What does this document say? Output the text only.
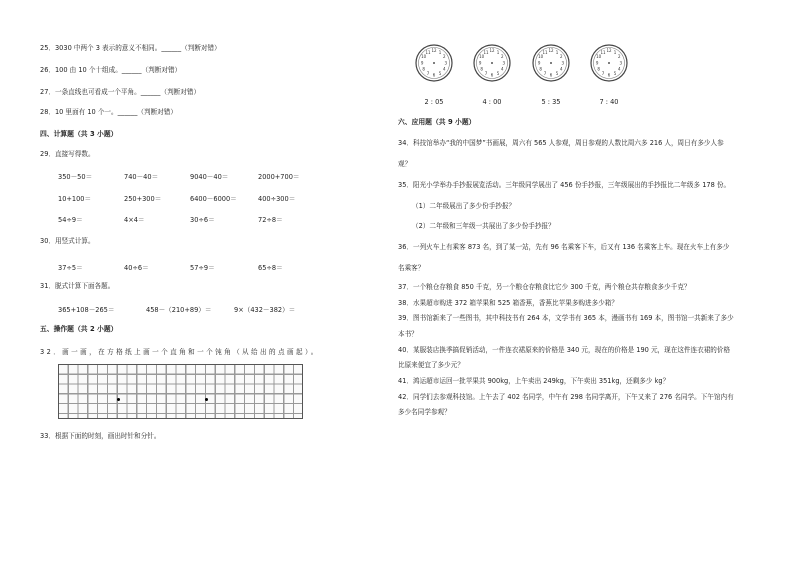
25．3030 中两个 3 表示的意义不相同。______（判断对错）
26．100 由 10 个十组成。______（判断对错）
27．一条直线也可看成一个平角。______（判断对错）
28．10 里面有 10 个一。______（判断对错）
四、计算题（共 3 小题）
29．直接写得数。
350－50＝	740－40＝	9040－40＝	2000+700＝
10+100＝	250+300＝	6400－6000＝	400÷300＝
54÷9＝	4×4＝	30÷6＝	72÷8＝
30．用竖式计算。
37÷5＝	40÷6＝	57÷9＝	65÷8＝
31．脱式计算下面各题。
365+108－265＝	458－（210+89）＝	9×（432－382）＝
五、操作题（共 2 小题）
32．画一画，在方格纸上画一个直角和一个钝角（从给出的点画起）。
33．根据下面的时刻，画出时针和分针。
12 1
2
3
4
5
6
7
8
9
10
11	12 1
2
3
4
5
6
7
8
9
10
11	12 1
2
3
4
5
6
7
8
9
10
11	12 1
2
3
4
5
6
7
8
9
10
11
2 : 05	4 : 00	5 : 35	7 : 40
六、应用题（共 9 小题）
34．科技馆举办“我的中国梦”书画展，周六有 565 人参观，周日参观的人数比周六多 216 人，周日有多少人参
观？
35．阳光小学举办手抄报展览活动。三年级同学展出了 456 份手抄报，三年级展出的手抄报比二年级多 178 份。
（1）二年级展出了多少份手抄报？
（2）二年级和三年级一共展出了多少份手抄报？
36．一列火车上有乘客 873 名，到了某一站，先有 96 名乘客下车，后又有 136 名乘客上车。现在火车上有多少
名乘客？
37．一个粮仓存粮食 850 千克，另一个粮仓存粮食比它少 300 千克，两个粮仓共存粮食多少千克？
38．水果超市购进 372 箱苹果和 525 箱香蕉，香蕉比苹果多购进多少箱？
39．图书馆新来了一些图书，其中科技书有 264 本，文学书有 365 本，漫画书有 169 本，图书馆一共新来了多少
本书？
40．某服装店换季搞促销活动，一件连衣裙原来的价格是 340 元，现在的价格是 190 元，现在这件连衣裙的价格
比原来便宜了多少元？
41．鸿运超市运回一批苹果共 900kg，上午卖出 249kg，下午卖出 351kg，还剩多少 kg？
42．同学们去参观科技馆。上午去了 402 名同学，中午有 298 名同学离开，下午又来了 276 名同学。下午馆内有
多少名同学参观？
